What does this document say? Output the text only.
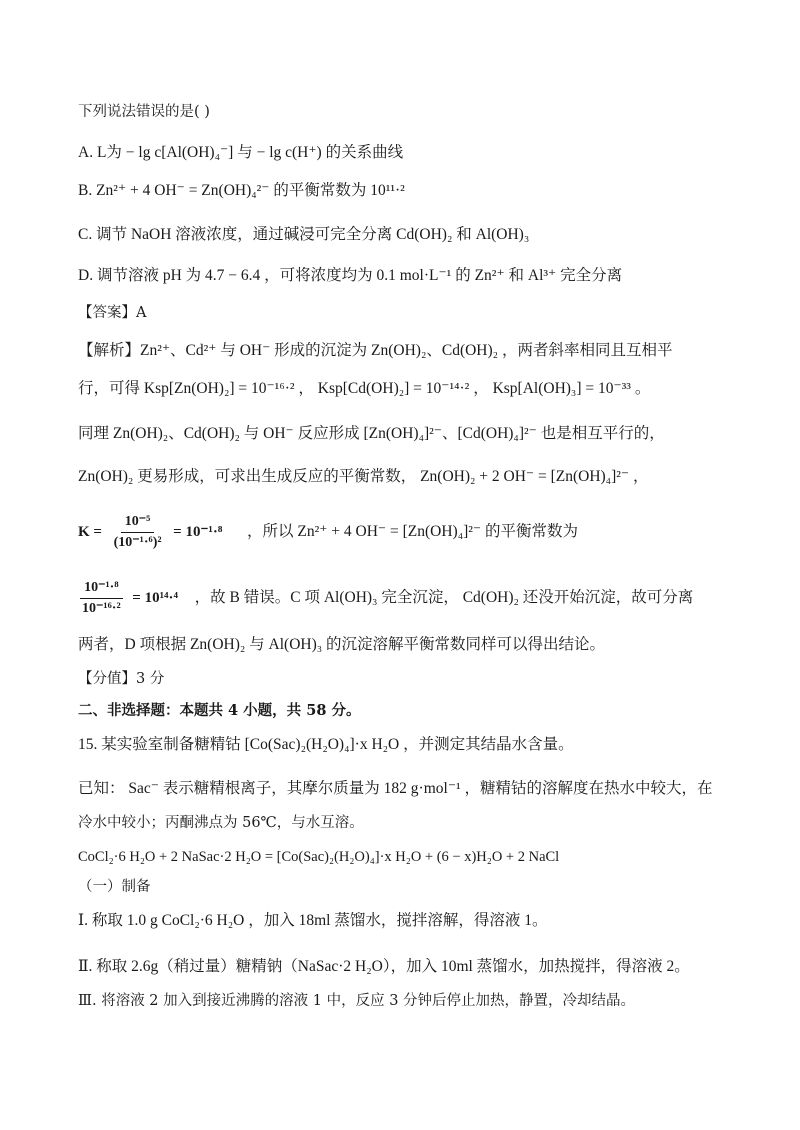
下列说法错误的是( )
A. L为 − lg c[Al(OH)₄⁻] 与 − lg c(H⁺) 的关系曲线
B. Zn²⁺ + 4 OH⁻ = Zn(OH)₄²⁻ 的平衡常数为 10¹¹·²
C. 调节 NaOH 溶液浓度，通过碱浸可完全分离 Cd(OH)₂ 和 Al(OH)₃
D. 调节溶液 pH 为 4.7 − 6.4 ，可将浓度均为 0.1 mol·L⁻¹ 的 Zn²⁺ 和 Al³⁺ 完全分离
【答案】A
【解析】Zn²⁺、Cd²⁺ 与 OH⁻ 形成的沉淀为 Zn(OH)₂、Cd(OH)₂ ，两者斜率相同且互相平
行，可得 Ksp[Zn(OH)₂] = 10⁻¹⁶·² ， Ksp[Cd(OH)₂] = 10⁻¹⁴·² ， Ksp[Al(OH)₃] = 10⁻³³ 。
同理 Zn(OH)₂、Cd(OH)₂ 与 OH⁻ 反应形成 [Zn(OH)₄]²⁻、[Cd(OH)₄]²⁻ 也是相互平行的，
Zn(OH)₂ 更易形成，可求出生成反应的平衡常数， Zn(OH)₂ + 2 OH⁻ = [Zn(OH)₄]²⁻ ，
$K = \frac{\text{10⁻⁵}}{\text{(10⁻¹·⁶)²}} = 10^{-1}\cdot^8$ ，所以 Zn²⁺ + 4 OH⁻ = [Zn(OH)₄]²⁻ 的平衡常数为
$\frac{\text{10⁻¹·⁸}}{\text{10⁻¹⁶·²}} = 10^{14}\cdot^4$ ，故 B 错误。C 项 Al(OH)₃ 完全沉淀， Cd(OH)₂ 还没开始沉淀，故可分离
两者，D 项根据 Zn(OH)₂ 与 Al(OH)₃ 的沉淀溶解平衡常数同样可以得出结论。
【分值】3 分
二、非选择题：本题共 4 小题，共 58 分。
15. 某实验室制备糖精钴 [Co(Sac)₂(H₂O)₄]·x H₂O ，并测定其结晶水含量。
已知： Sac⁻ 表示糖精根离子，其摩尔质量为 182 g·mol⁻¹ ，糖精钴的溶解度在热水中较大，在
冷水中较小；丙酮沸点为 56℃，与水互溶。
CoCl₂·6 H₂O + 2 NaSac·2 H₂O = [Co(Sac)₂(H₂O)₄]·x H₂O + (6 − x)H₂O + 2 NaCl
（一）制备
Ⅰ. 称取 1.0 g CoCl₂·6 H₂O ，加入 18ml 蒸馏水，搅拌溶解，得溶液 1。
Ⅱ. 称取 2.6g（稍过量）糖精钠（NaSac·2 H₂O），加入 10ml 蒸馏水，加热搅拌，得溶液 2。
Ⅲ. 将溶液 2 加入到接近沸腾的溶液 1 中，反应 3 分钟后停止加热，静置，冷却结晶。
